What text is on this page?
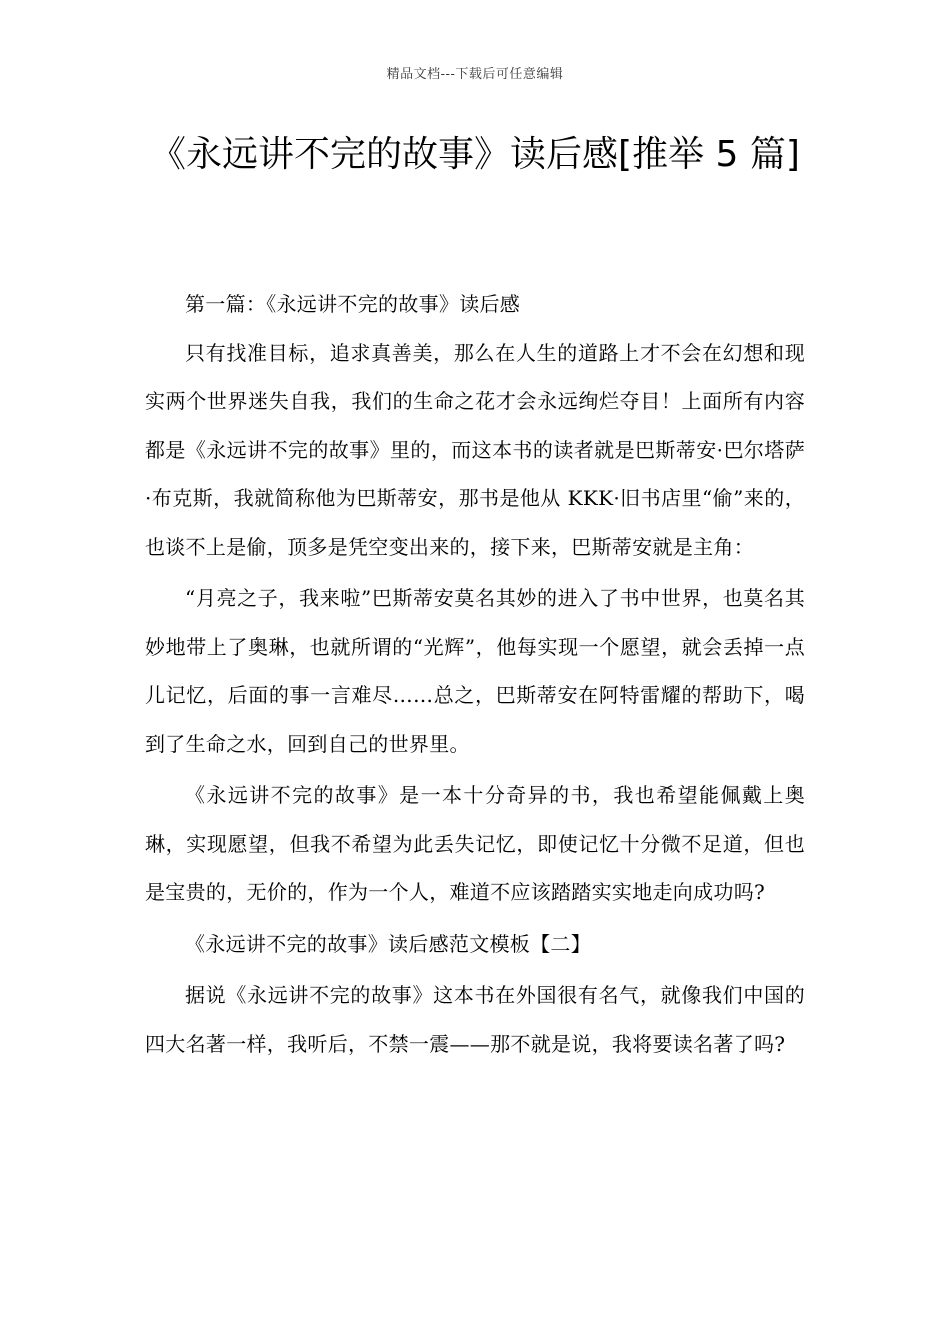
精品文档---下载后可任意编辑
《永远讲不完的故事》读后感[推举 5 篇]

第一篇：《永远讲不完的故事》读后感

只有找准目标，追求真善美，那么在人生的道路上才不会在幻想和现实两个世界迷失自我，我们的生命之花才会永远绚烂夺目！上面所有内容都是《永远讲不完的故事》里的，而这本书的读者就是巴斯蒂安·巴尔塔萨·布克斯，我就简称他为巴斯蒂安，那书是他从 KKK·旧书店里“偷”来的，也谈不上是偷，顶多是凭空变出来的，接下来，巴斯蒂安就是主角：

“月亮之子，我来啦”巴斯蒂安莫名其妙的进入了书中世界，也莫名其妙地带上了奥琳，也就所谓的“光辉”，他每实现一个愿望，就会丢掉一点儿记忆，后面的事一言难尽……总之，巴斯蒂安在阿特雷耀的帮助下，喝到了生命之水，回到自己的世界里。

《永远讲不完的故事》是一本十分奇异的书，我也希望能佩戴上奥琳，实现愿望，但我不希望为此丢失记忆，即使记忆十分微不足道，但也是宝贵的，无价的，作为一个人，难道不应该踏踏实实地走向成功吗?

《永远讲不完的故事》读后感范文模板【二】

据说《永远讲不完的故事》这本书在外国很有名气，就像我们中国的四大名著一样，我听后，不禁一震——那不就是说，我将要读名著了吗?
